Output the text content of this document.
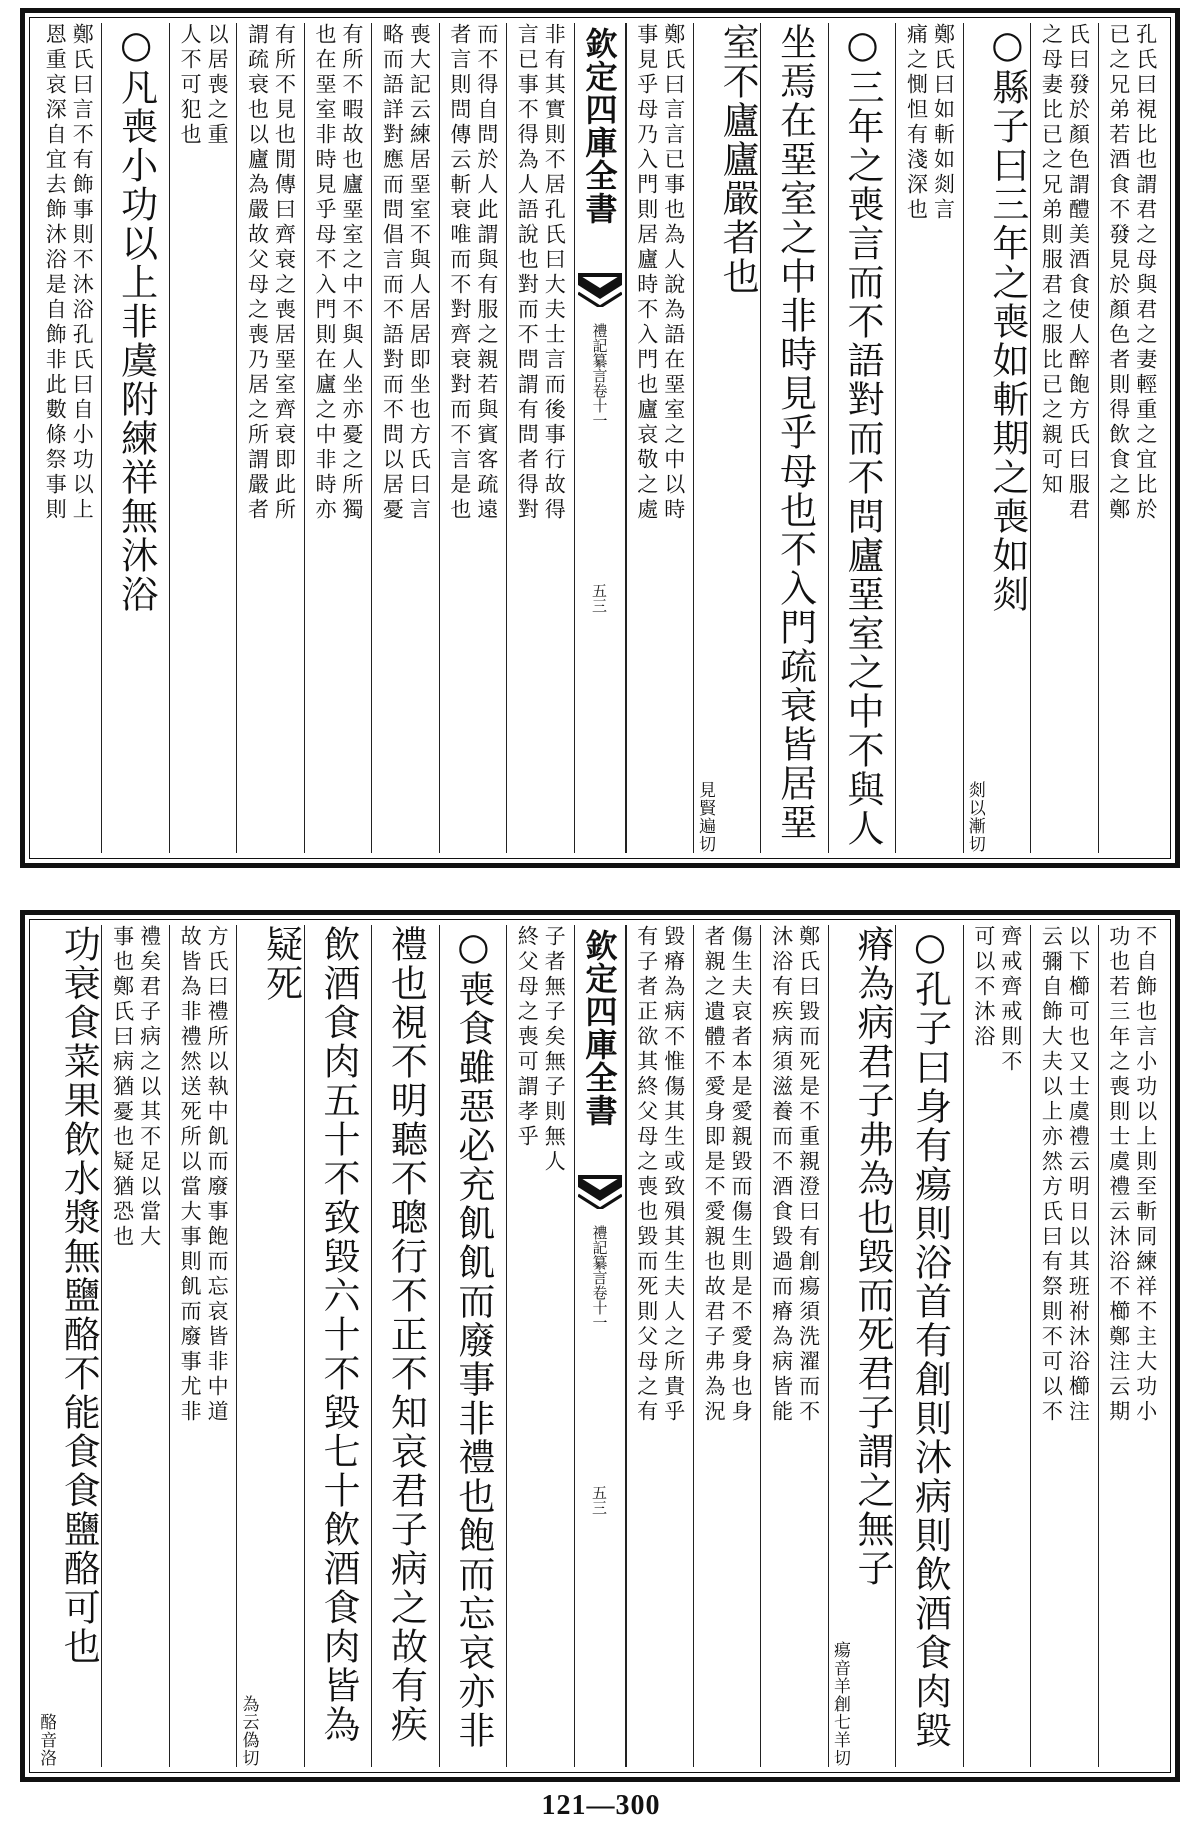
孔氏曰視比也謂君之母與君之妻輕重之宜比於
已之兄弟若酒食不發見於顏色者則得飲食之鄭
氏曰發於顏色謂醴美酒食使人醉飽方氏曰服君
之母妻比已之兄弟則服君之服比已之親可知
○縣子曰三年之喪如斬期之喪如剡
剡以漸切
鄭氏曰如斬如剡言
痛之惻怛有淺深也
○三年之喪言而不語對而不問廬堊室之中不與人
坐焉在堊室之中非時見乎母也不入門疏衰皆居堊
室不廬廬嚴者也
見賢遍切
鄭氏曰言言已事也為人說為語在堊室之中以時
事見乎母乃入門則居廬時不入門也廬哀敬之處
欽定四庫全書
禮記纂言卷十一
五三
非有其實則不居孔氏曰大夫士言而後事行故得
言已事不得為人語說也對而不問謂有問者得對
而不得自問於人此謂與有服之親若與賓客疏遠
者言則問傳云斬衰唯而不對齊衰對而不言是也
喪大記云練居堊室不與人居居即坐也方氏曰言
略而語詳對應而問倡言而不語對而不問以居憂
有所不暇故也廬堊室之中不與人坐亦憂之所獨
也在堊室非時見乎母不入門則在廬之中非時亦
有所不見也閒傳曰齊衰之喪居堊室齊衰即此所
謂疏衰也以廬為嚴故父母之喪乃居之所謂嚴者
以居喪之重
人不可犯也
○凡喪小功以上非虞附練祥無沐浴
鄭氏曰言不有飾事則不沐浴孔氏曰自小功以上
恩重哀深自宜去飾沐浴是自飾非此數條祭事則
不自飾也言小功以上則至斬同練祥不主大功小
功也若三年之喪則士虞禮云沐浴不櫛鄭注云期
以下櫛可也又士虞禮云明日以其班祔沐浴櫛注
云彌自飾大夫以上亦然方氏曰有祭則不可以不
齊戒齊戒則不
可以不沐浴
○孔子曰身有瘍則浴首有創則沐病則飲酒食肉毀
瘠為病君子弗為也毀而死君子謂之無子
瘍音羊創七羊切
鄭氏曰毀而死是不重親澄曰有創瘍須洗濯而不
沐浴有疾病須滋養而不酒食毀過而瘠為病皆能
傷生夫哀者本是愛親毀而傷生則是不愛身也身
者親之遺體不愛身即是不愛親也故君子弗為況
毀瘠為病不惟傷其生或致殞其生夫人之所貴乎
有子者正欲其終父母之喪也毀而死則父母之有
欽定四庫全書
禮記纂言卷十一
五三
子者無子矣無子則無人
終父母之喪可謂孝乎
○喪食雖惡必充飢飢而廢事非禮也飽而忘哀亦非
禮也視不明聽不聰行不正不知哀君子病之故有疾
飲酒食肉五十不致毀六十不毀七十飲酒食肉皆為
疑死
為云偽切
方氏曰禮所以執中飢而廢事飽而忘哀皆非中道
故皆為非禮然送死所以當大事則飢而廢事尤非
禮矣君子病之以其不足以當大
事也鄭氏曰病猶憂也疑猶恐也
功衰食菜果飲水漿無鹽酪不能食食鹽酪可也
酪音洛
121—300
